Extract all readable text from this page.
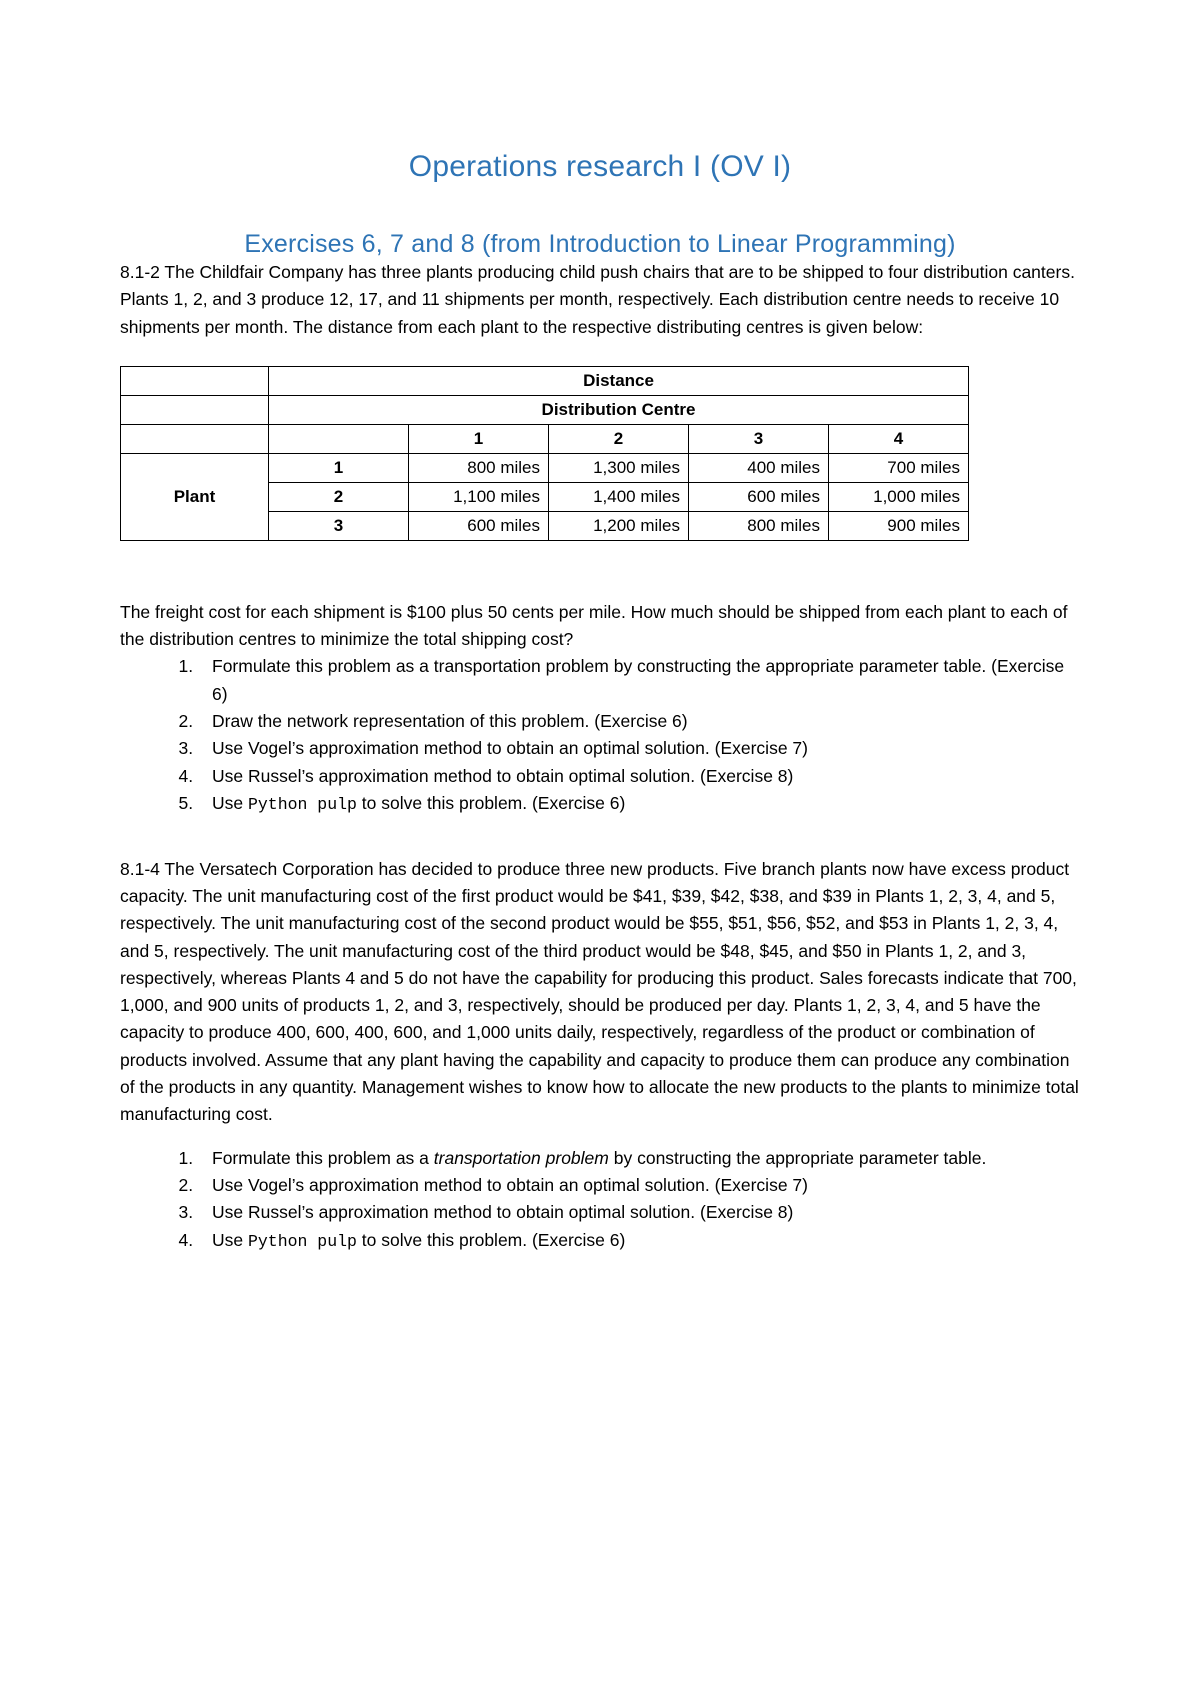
Operations research I (OV I)
Exercises 6, 7 and 8 (from Introduction to Linear Programming)

8.1-2 The Childfair Company has three plants producing child push chairs that are to be shipped to four distribution canters. Plants 1, 2, and 3 produce 12, 17, and 11 shipments per month, respectively. Each distribution centre needs to receive 10 shipments per month. The distance from each plant to the respective distributing centres is given below:

	Distance				
	Distribution Centre				
		1	2	3	4
Plant	1	800 miles	1,300 miles	400 miles	700 miles
	2	1,100 miles	1,400 miles	600 miles	1,000 miles
	3	600 miles	1,200 miles	800 miles	900 miles

The freight cost for each shipment is $100 plus 50 cents per mile. How much should be shipped from each plant to each of the distribution centres to minimize the total shipping cost?

1. Formulate this problem as a transportation problem by constructing the appropriate parameter table. (Exercise 6)
2. Draw the network representation of this problem. (Exercise 6)
3. Use Vogel’s approximation method to obtain an optimal solution. (Exercise 7)
4. Use Russel’s approximation method to obtain optimal solution. (Exercise 8)
5. Use Python pulp to solve this problem. (Exercise 6)

8.1-4 The Versatech Corporation has decided to produce three new products. Five branch plants now have excess product capacity. The unit manufacturing cost of the first product would be $41, $39, $42, $38, and $39 in Plants 1, 2, 3, 4, and 5, respectively. The unit manufacturing cost of the second product would be $55, $51, $56, $52, and $53 in Plants 1, 2, 3, 4, and 5, respectively. The unit manufacturing cost of the third product would be $48, $45, and $50 in Plants 1, 2, and 3, respectively, whereas Plants 4 and 5 do not have the capability for producing this product. Sales forecasts indicate that 700, 1,000, and 900 units of products 1, 2, and 3, respectively, should be produced per day. Plants 1, 2, 3, 4, and 5 have the capacity to produce 400, 600, 400, 600, and 1,000 units daily, respectively, regardless of the product or combination of products involved. Assume that any plant having the capability and capacity to produce them can produce any combination of the products in any quantity. Management wishes to know how to allocate the new products to the plants to minimize total manufacturing cost.

1. Formulate this problem as a transportation problem by constructing the appropriate parameter table.
2. Use Vogel’s approximation method to obtain an optimal solution. (Exercise 7)
3. Use Russel’s approximation method to obtain optimal solution. (Exercise 8)
4. Use Python pulp to solve this problem. (Exercise 6)
